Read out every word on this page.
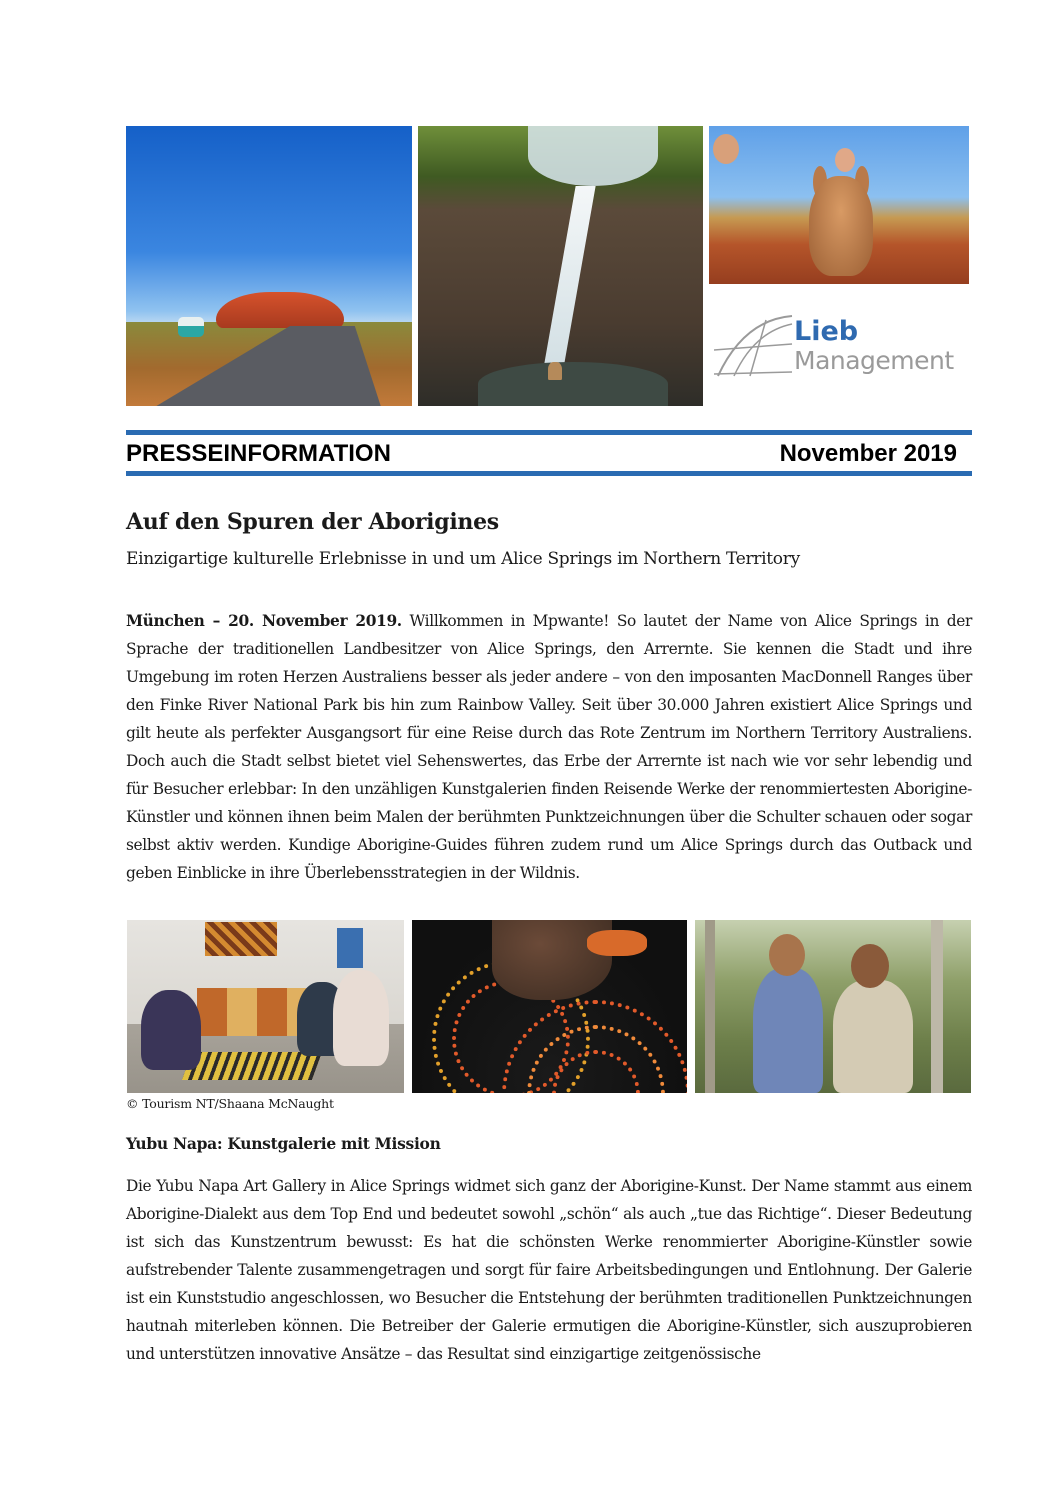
Lieb
Management
PRESSEINFORMATION	November 2019
Auf den Spuren der Aborigines

Einzigartige kulturelle Erlebnisse in und um Alice Springs im Northern Territory

München – 20. November 2019. Willkommen in Mpwante! So lautet der Name von Alice Springs in der Sprache der traditionellen Landbesitzer von Alice Springs, den Arrernte. Sie kennen die Stadt und ihre Umgebung im roten Herzen Australiens besser als jeder andere – von den imposanten MacDonnell Ranges über den Finke River National Park bis hin zum Rainbow Valley. Seit über 30.000 Jahren existiert Alice Springs und gilt heute als perfekter Ausgangsort für eine Reise durch das Rote Zentrum im Northern Territory Australiens. Doch auch die Stadt selbst bietet viel Sehenswertes, das Erbe der Arrernte ist nach wie vor sehr lebendig und für Besucher erlebbar: In den unzähligen Kunstgalerien finden Reisende Werke der renommiertesten Aborigine-Künstler und können ihnen beim Malen der berühmten Punktzeichnungen über die Schulter schauen oder sogar selbst aktiv werden. Kundige Aborigine-Guides führen zudem rund um Alice Springs durch das Outback und geben Einblicke in ihre Überlebensstrategien in der Wildnis.

© Tourism NT/Shaana McNaught

Yubu Napa: Kunstgalerie mit Mission

Die Yubu Napa Art Gallery in Alice Springs widmet sich ganz der Aborigine-Kunst. Der Name stammt aus einem Aborigine-Dialekt aus dem Top End und bedeutet sowohl „schön“ als auch „tue das Richtige“. Dieser Bedeutung ist sich das Kunstzentrum bewusst: Es hat die schönsten Werke renommierter Aborigine-Künstler sowie aufstrebender Talente zusammengetragen und sorgt für faire Arbeitsbedingungen und Entlohnung. Der Galerie ist ein Kunststudio angeschlossen, wo Besucher die Entstehung der berühmten traditionellen Punktzeichnungen hautnah miterleben können. Die Betreiber der Galerie ermutigen die Aborigine-Künstler, sich auszuprobieren und unterstützen innovative Ansätze – das Resultat sind einzigartige zeitgenössische
